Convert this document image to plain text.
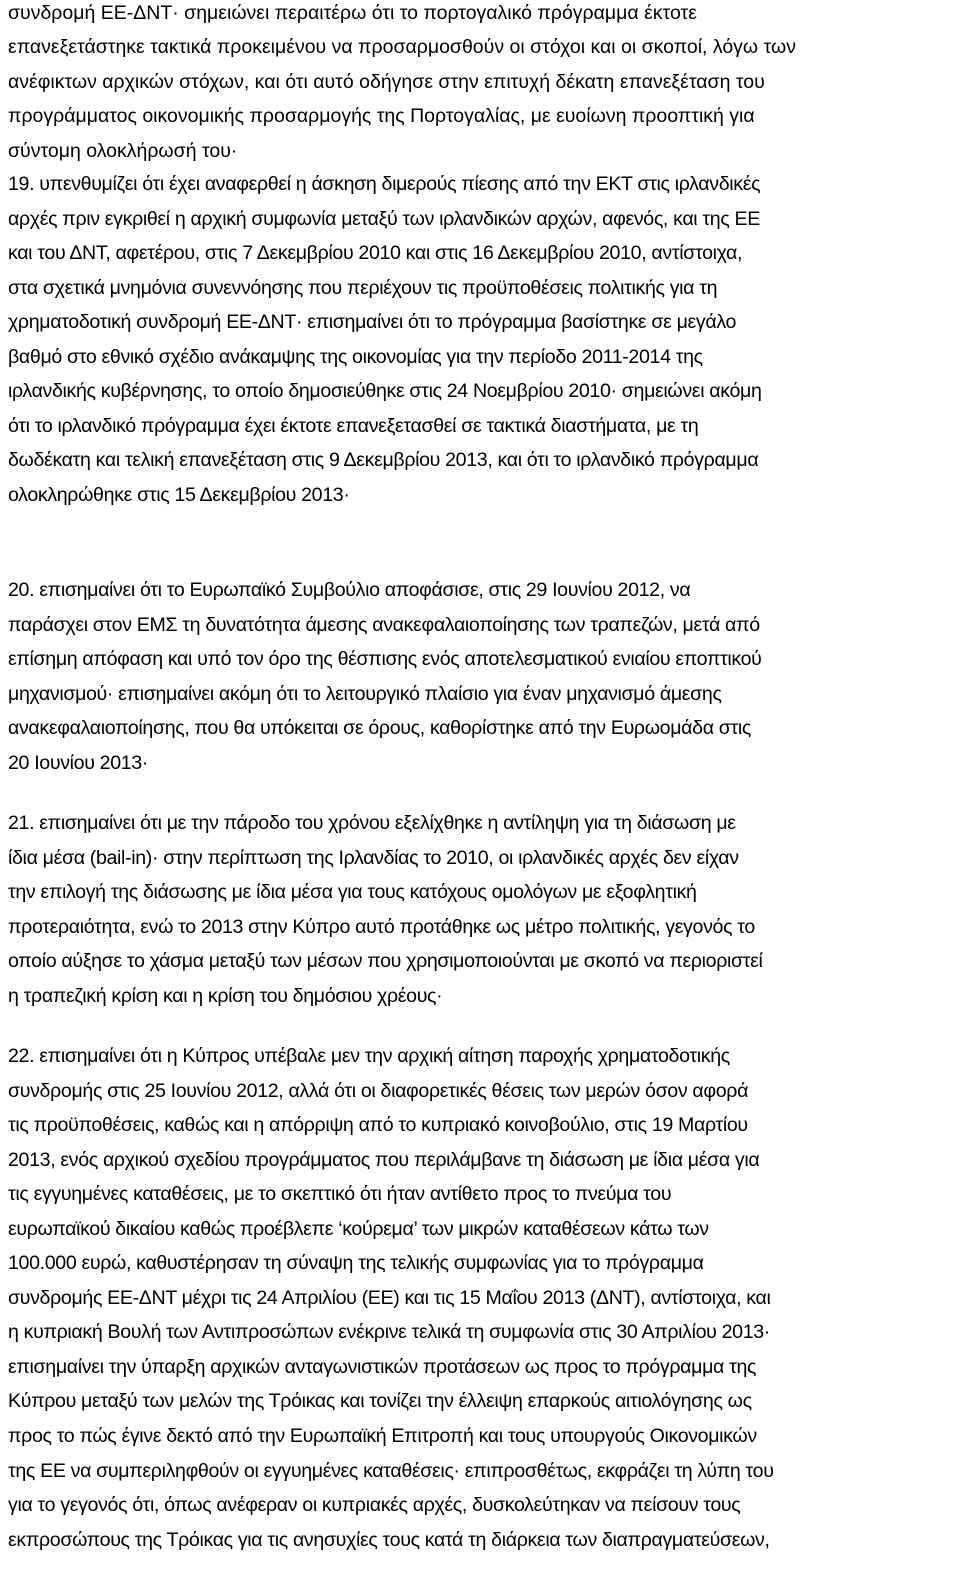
συνδρομή ΕΕ-ΔΝΤ· σημειώνει περαιτέρω ότι το πορτογαλικό πρόγραμμα έκτοτε
επανεξετάστηκε τακτικά προκειμένου να προσαρμοσθούν οι στόχοι και οι σκοποί, λόγω των
ανέφικτων αρχικών στόχων, και ότι αυτό οδήγησε στην επιτυχή δέκατη επανεξέταση του
προγράμματος οικονομικής προσαρμογής της Πορτογαλίας, με ευοίωνη προοπτική για
σύντομη ολοκλήρωσή του·
19. υπενθυμίζει ότι έχει αναφερθεί η άσκηση διμερούς πίεσης από την ΕΚΤ στις ιρλανδικές
αρχές πριν εγκριθεί η αρχική συμφωνία μεταξύ των ιρλανδικών αρχών, αφενός, και της ΕΕ
και του ΔΝΤ, αφετέρου, στις 7 Δεκεμβρίου 2010 και στις 16 Δεκεμβρίου 2010, αντίστοιχα,
στα σχετικά μνημόνια συνεννόησης που περιέχουν τις προϋποθέσεις πολιτικής για τη
χρηματοδοτική συνδρομή ΕΕ-ΔΝΤ· επισημαίνει ότι το πρόγραμμα βασίστηκε σε μεγάλο
βαθμό στο εθνικό σχέδιο ανάκαμψης της οικονομίας για την περίοδο 2011-2014 της
ιρλανδικής κυβέρνησης, το οποίο δημοσιεύθηκε στις 24 Νοεμβρίου 2010· σημειώνει ακόμη
ότι το ιρλανδικό πρόγραμμα έχει έκτοτε επανεξετασθεί σε τακτικά διαστήματα, με τη
δωδέκατη και τελική επανεξέταση στις 9 Δεκεμβρίου 2013, και ότι το ιρλανδικό πρόγραμμα
ολοκληρώθηκε στις 15 Δεκεμβρίου 2013·
20. επισημαίνει ότι το Ευρωπαϊκό Συμβούλιο αποφάσισε, στις 29 Ιουνίου 2012, να
παράσχει στον ΕΜΣ τη δυνατότητα άμεσης ανακεφαλαιοποίησης των τραπεζών, μετά από
επίσημη απόφαση και υπό τον όρο της θέσπισης ενός αποτελεσματικού ενιαίου εποπτικού
μηχανισμού· επισημαίνει ακόμη ότι το λειτουργικό πλαίσιο για έναν μηχανισμό άμεσης
ανακεφαλαιοποίησης, που θα υπόκειται σε όρους, καθορίστηκε από την Ευρωομάδα στις
20 Ιουνίου 2013·
21. επισημαίνει ότι με την πάροδο του χρόνου εξελίχθηκε η αντίληψη για τη διάσωση με
ίδια μέσα (bail-in)· στην περίπτωση της Ιρλανδίας το 2010, οι ιρλανδικές αρχές δεν είχαν
την επιλογή της διάσωσης με ίδια μέσα για τους κατόχους ομολόγων με εξοφλητική
προτεραιότητα, ενώ το 2013 στην Κύπρο αυτό προτάθηκε ως μέτρο πολιτικής, γεγονός το
οποίο αύξησε το χάσμα μεταξύ των μέσων που χρησιμοποιούνται με σκοπό να περιοριστεί
η τραπεζική κρίση και η κρίση του δημόσιου χρέους·
22. επισημαίνει ότι η Κύπρος υπέβαλε μεν την αρχική αίτηση παροχής χρηματοδοτικής
συνδρομής στις 25 Ιουνίου 2012, αλλά ότι οι διαφορετικές θέσεις των μερών όσον αφορά
τις προϋποθέσεις, καθώς και η απόρριψη από το κυπριακό κοινοβούλιο, στις 19 Μαρτίου
2013, ενός αρχικού σχεδίου προγράμματος που περιλάμβανε τη διάσωση με ίδια μέσα για
τις εγγυημένες καταθέσεις, με το σκεπτικό ότι ήταν αντίθετο προς το πνεύμα του
ευρωπαϊκού δικαίου καθώς προέβλεπε ‘κούρεμα’ των μικρών καταθέσεων κάτω των
100.000 ευρώ, καθυστέρησαν τη σύναψη της τελικής συμφωνίας για το πρόγραμμα
συνδρομής ΕΕ-ΔΝΤ μέχρι τις 24 Απριλίου (ΕΕ) και τις 15 Μαΐου 2013 (ΔΝΤ), αντίστοιχα, και
η κυπριακή Βουλή των Αντιπροσώπων ενέκρινε τελικά τη συμφωνία στις 30 Απριλίου 2013·
επισημαίνει την ύπαρξη αρχικών ανταγωνιστικών προτάσεων ως προς το πρόγραμμα της
Κύπρου μεταξύ των μελών της Τρόικας και τονίζει την έλλειψη επαρκούς αιτιολόγησης ως
προς το πώς έγινε δεκτό από την Ευρωπαϊκή Επιτροπή και τους υπουργούς Οικονομικών
της ΕΕ να συμπεριληφθούν οι εγγυημένες καταθέσεις· επιπροσθέτως, εκφράζει τη λύπη του
για το γεγονός ότι, όπως ανέφεραν οι κυπριακές αρχές, δυσκολεύτηκαν να πείσουν τους
εκπροσώπους της Τρόικας για τις ανησυχίες τους κατά τη διάρκεια των διαπραγματεύσεων,
